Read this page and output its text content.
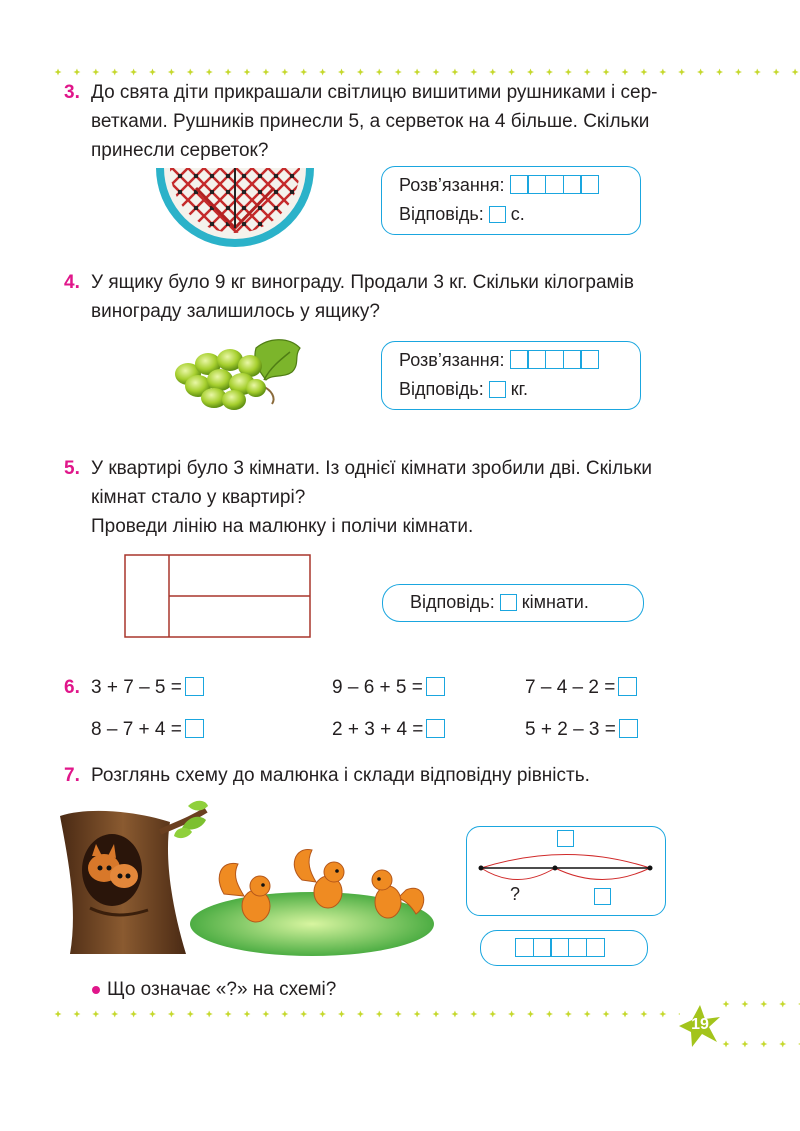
3. До свята діти прикрашали світлицю вишитими рушниками і сер-
ветками. Рушників принесли 5, а серветок на 4 більше. Скільки
принесли серветок?
Розв’язання:
Відповідь: с.
4. У ящику було 9 кг винограду. Продали 3 кг. Скільки кілограмів
винограду залишилось у ящику?
Розв’язання:
Відповідь: кг.
5. У квартирі було 3 кімнати. Із однієї кімнати зробили дві. Скільки
кімнат стало у квартирі?
Проведи лінію на малюнку і полічи кімнати.
Відповідь: кімнати.
6. 3 + 7 – 5 =	9 – 6 + 5 =	7 – 4 – 2 =
8 – 7 + 4 =	2 + 3 + 4 =	5 + 2 – 3 =
7. Розглянь схему до малюнка і склади відповідну рівність.
?
Що означає «?» на схемі?
19
